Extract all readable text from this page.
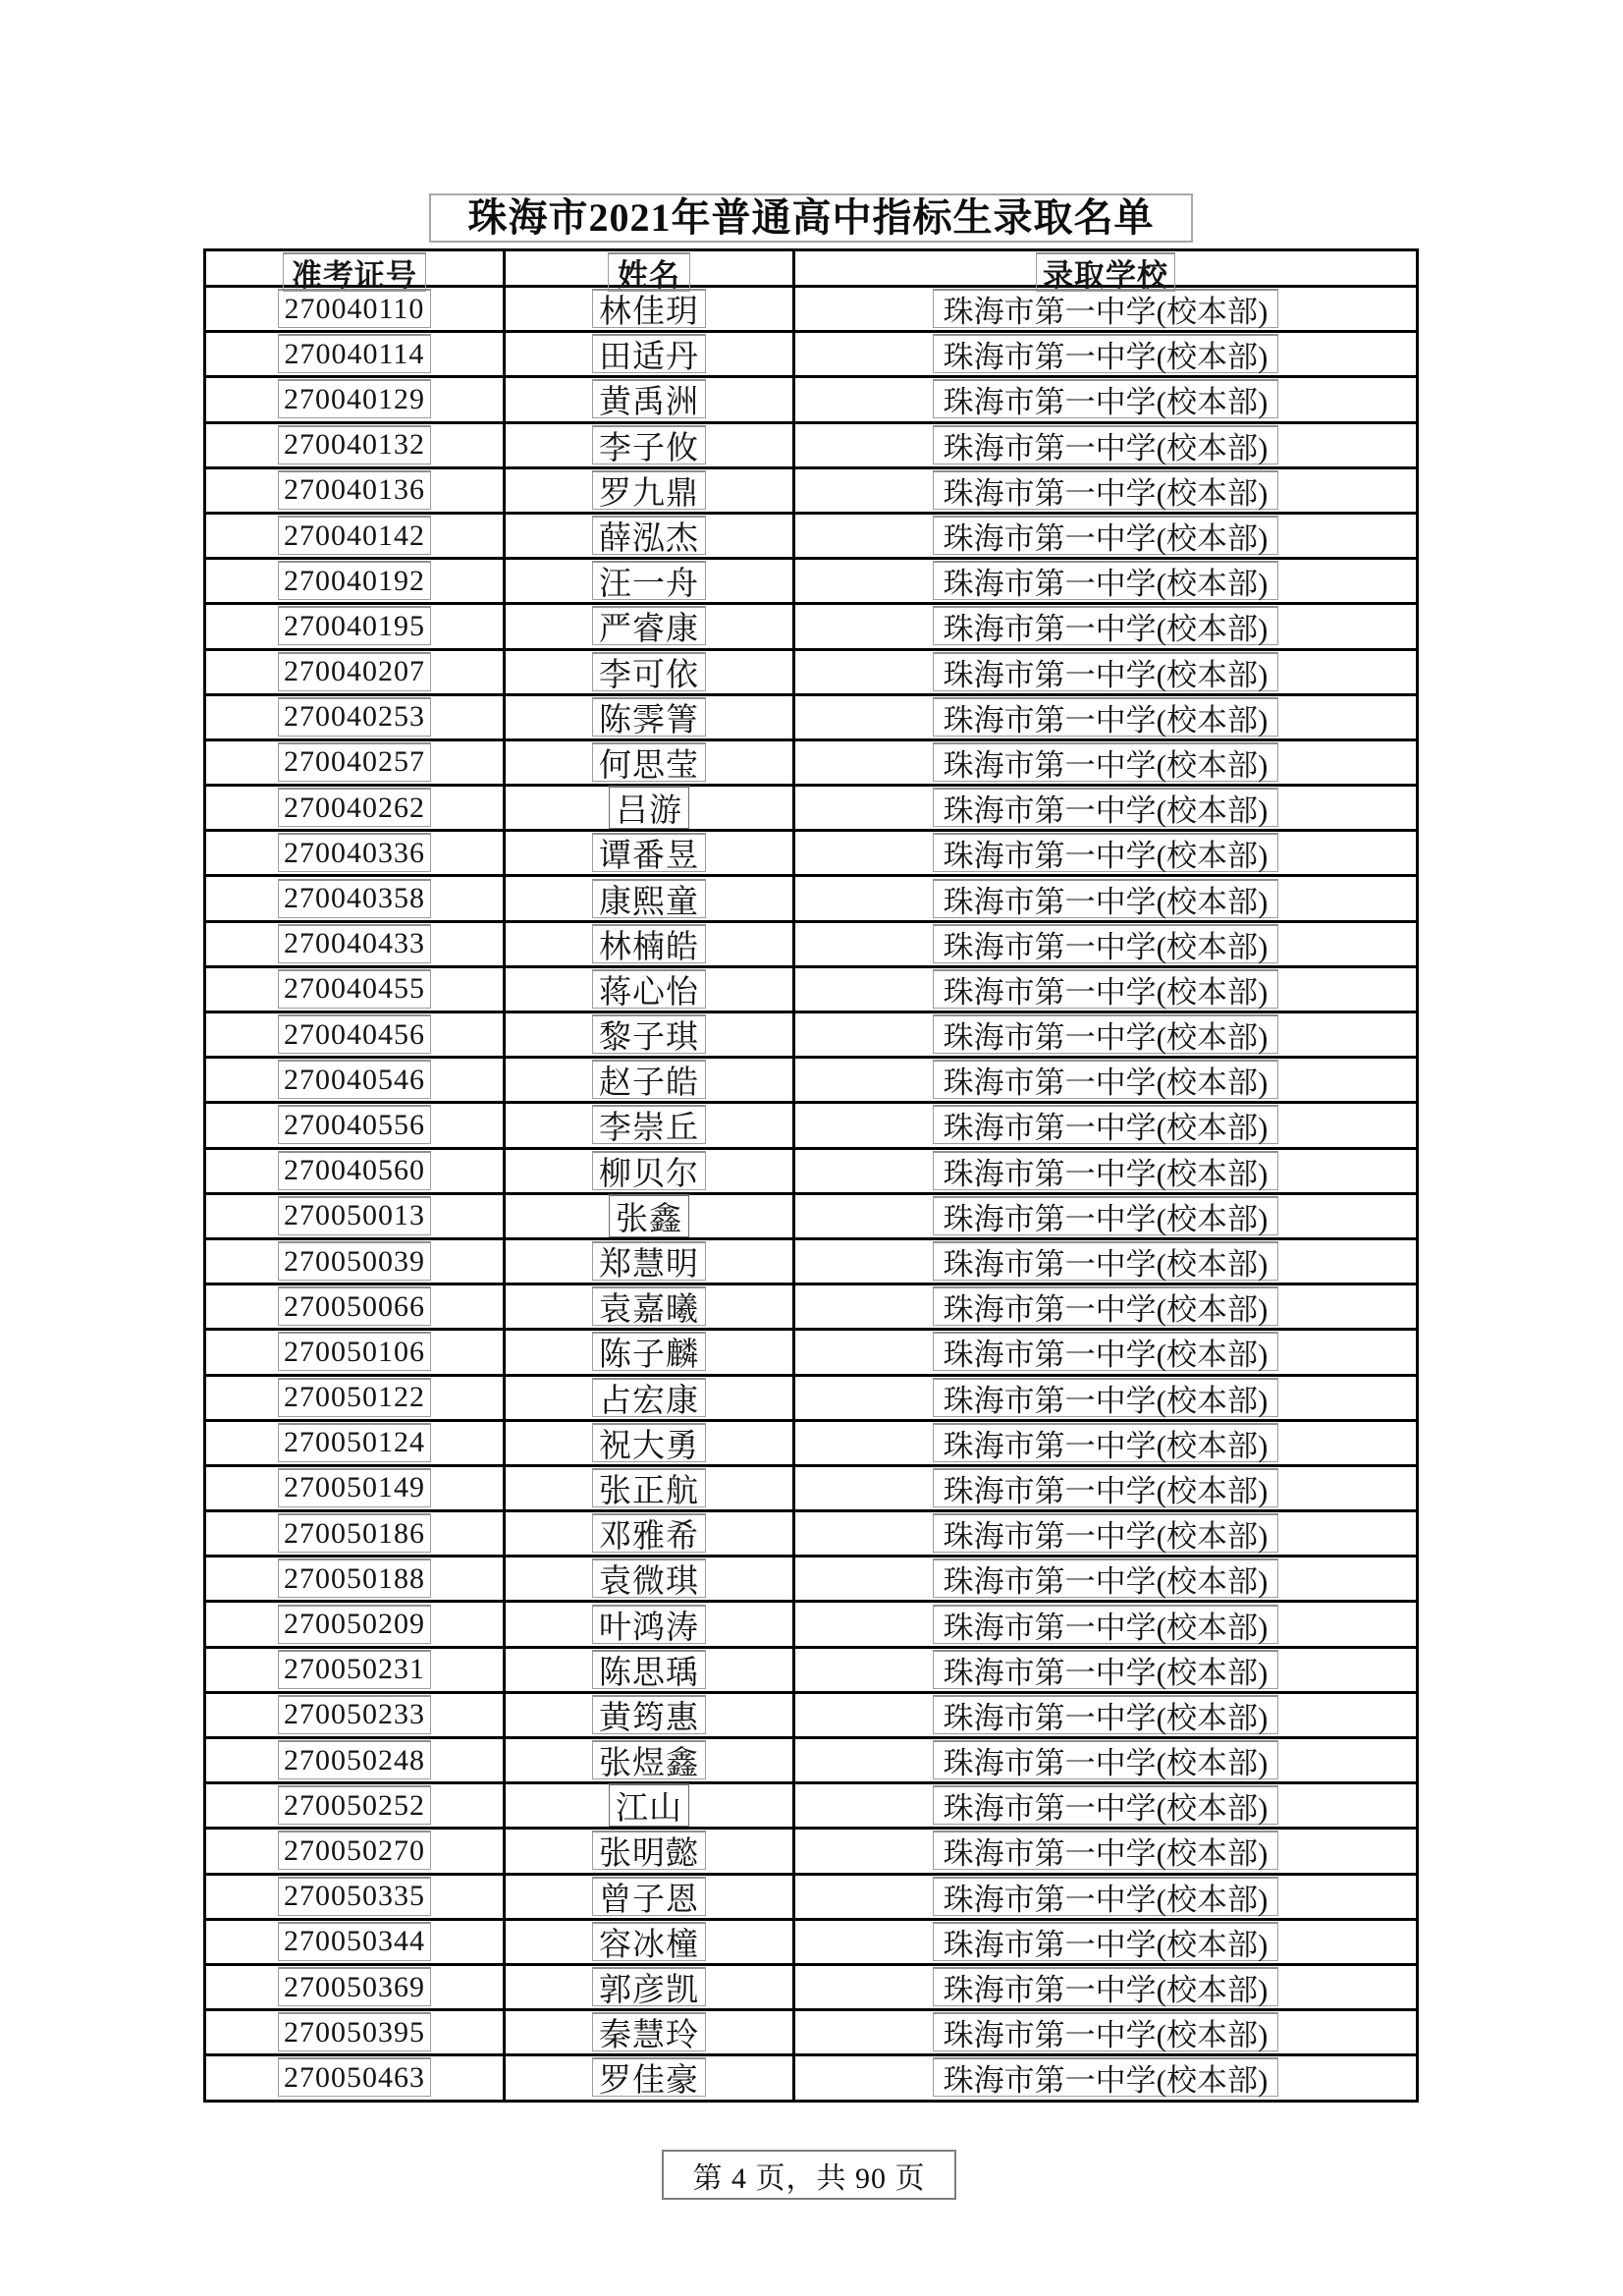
珠海市2021年普通高中指标生录取名单
准考证号	姓名	录取学校
270040110	林佳玥	珠海市第一中学(校本部)
270040114	田适丹	珠海市第一中学(校本部)
270040129	黄禹洲	珠海市第一中学(校本部)
270040132	李子攸	珠海市第一中学(校本部)
270040136	罗九鼎	珠海市第一中学(校本部)
270040142	薛泓杰	珠海市第一中学(校本部)
270040192	汪一舟	珠海市第一中学(校本部)
270040195	严睿康	珠海市第一中学(校本部)
270040207	李可依	珠海市第一中学(校本部)
270040253	陈霁箐	珠海市第一中学(校本部)
270040257	何思莹	珠海市第一中学(校本部)
270040262	吕游	珠海市第一中学(校本部)
270040336	谭番昱	珠海市第一中学(校本部)
270040358	康熙童	珠海市第一中学(校本部)
270040433	林楠皓	珠海市第一中学(校本部)
270040455	蒋心怡	珠海市第一中学(校本部)
270040456	黎子琪	珠海市第一中学(校本部)
270040546	赵子皓	珠海市第一中学(校本部)
270040556	李崇丘	珠海市第一中学(校本部)
270040560	柳贝尔	珠海市第一中学(校本部)
270050013	张鑫	珠海市第一中学(校本部)
270050039	郑慧明	珠海市第一中学(校本部)
270050066	袁嘉曦	珠海市第一中学(校本部)
270050106	陈子麟	珠海市第一中学(校本部)
270050122	占宏康	珠海市第一中学(校本部)
270050124	祝大勇	珠海市第一中学(校本部)
270050149	张正航	珠海市第一中学(校本部)
270050186	邓雅希	珠海市第一中学(校本部)
270050188	袁微琪	珠海市第一中学(校本部)
270050209	叶鸿涛	珠海市第一中学(校本部)
270050231	陈思瑀	珠海市第一中学(校本部)
270050233	黄筠惠	珠海市第一中学(校本部)
270050248	张煜鑫	珠海市第一中学(校本部)
270050252	江山	珠海市第一中学(校本部)
270050270	张明懿	珠海市第一中学(校本部)
270050335	曾子恩	珠海市第一中学(校本部)
270050344	容冰橦	珠海市第一中学(校本部)
270050369	郭彦凯	珠海市第一中学(校本部)
270050395	秦慧玲	珠海市第一中学(校本部)
270050463	罗佳豪	珠海市第一中学(校本部)
第 4 页，共 90 页
